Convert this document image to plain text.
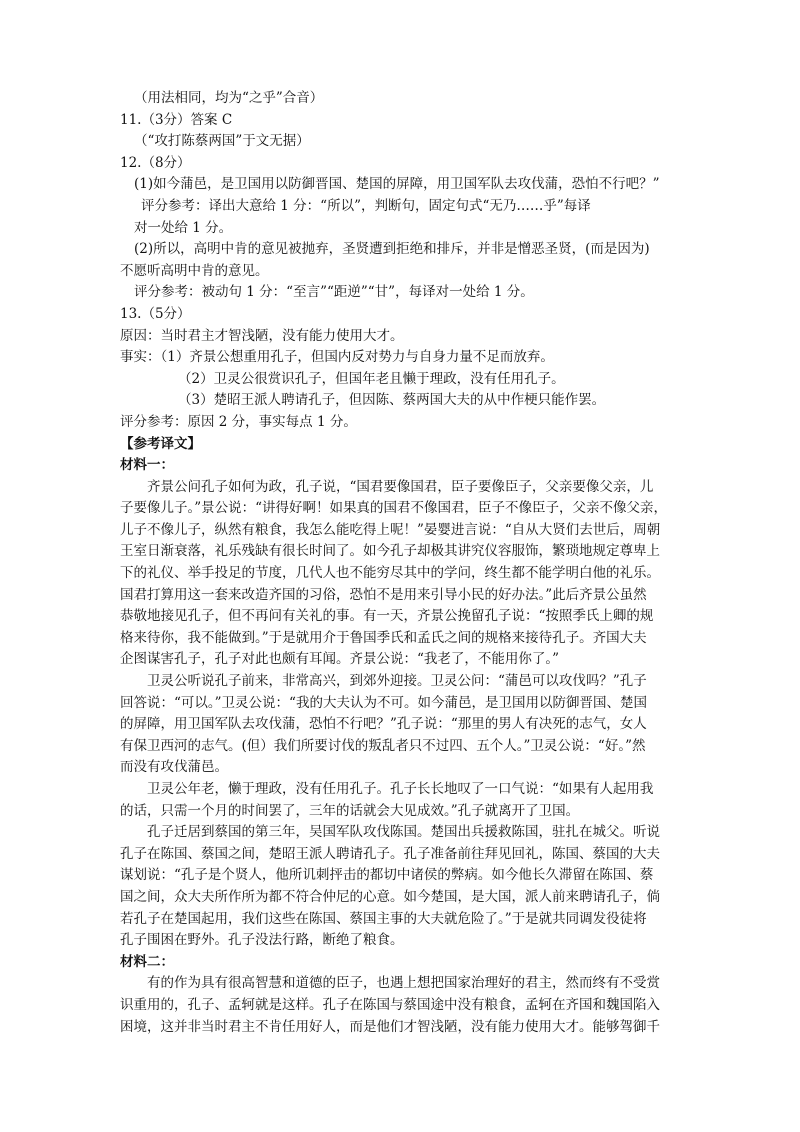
（用法相同，均为“之乎”合音）
11.（3分）答案 C
（“攻打陈蔡两国”于文无据）
12.（8分）
(1)如今蒲邑，是卫国用以防御晋国、楚国的屏障，用卫国军队去攻伐蒲，恐怕不行吧？”
评分参考：译出大意给 1 分：“所以”，判断句，固定句式“无乃……乎”每译
对一处给 1 分。
(2)所以，高明中肯的意见被抛弃，圣贤遭到拒绝和排斥，并非是憎恶圣贤，(而是因为)
不愿听高明中肯的意见。
评分参考：被动句 1 分：“至言”“距逆”“甘”，每译对一处给 1 分。
13.（5分）
原因：当时君主才智浅陋，没有能力使用大才。
事实：（1）齐景公想重用孔子，但国内反对势力与自身力量不足而放弃。
（2）卫灵公很赏识孔子，但国年老且懒于理政，没有任用孔子。
（3）楚昭王派人聘请孔子，但因陈、蔡两国大夫的从中作梗只能作罢。
评分参考：原因 2 分，事实每点 1 分。
【参考译文】
材料一：
齐景公问孔子如何为政，孔子说，“国君要像国君，臣子要像臣子，父亲要像父亲，儿
子要像儿子。”景公说：“讲得好啊！如果真的国君不像国君，臣子不像臣子，父亲不像父亲，
儿子不像儿子，纵然有粮食，我怎么能吃得上呢！”晏婴进言说：“自从大贤们去世后，周朝
王室日渐衰落，礼乐残缺有很长时间了。如今孔子却极其讲究仪容服饰，繁琐地规定尊卑上
下的礼仪、举手投足的节度，几代人也不能穷尽其中的学问，终生都不能学明白他的礼乐。
国君打算用这一套来改造齐国的习俗，恐怕不是用来引导小民的好办法。”此后齐景公虽然
恭敬地接见孔子，但不再问有关礼的事。有一天，齐景公挽留孔子说：“按照季氏上卿的规
格来待你，我不能做到。”于是就用介于鲁国季氏和孟氏之间的规格来接待孔子。齐国大夫
企图谋害孔子，孔子对此也颇有耳闻。齐景公说：“我老了，不能用你了。”
卫灵公听说孔子前来，非常高兴，到郊外迎接。卫灵公问：“蒲邑可以攻伐吗？”孔子
回答说：“可以。”卫灵公说：“我的大夫认为不可。如今蒲邑，是卫国用以防御晋国、楚国
的屏障，用卫国军队去攻伐蒲，恐怕不行吧？”孔子说：“那里的男人有决死的志气，女人
有保卫西河的志气。(但）我们所要讨伐的叛乱者只不过四、五个人。”卫灵公说：“好。”然
而没有攻伐蒲邑。
卫灵公年老，懒于理政，没有任用孔子。孔子长长地叹了一口气说：“如果有人起用我
的话，只需一个月的时间罢了，三年的话就会大见成效。”孔子就离开了卫国。
孔子迁居到蔡国的第三年，吴国军队攻伐陈国。楚国出兵援救陈国，驻扎在城父。听说
孔子在陈国、蔡国之间，楚昭王派人聘请孔子。孔子准备前往拜见回礼，陈国、蔡国的大夫
谋划说：“孔子是个贤人，他所讥刺抨击的都切中诸侯的弊病。如今他长久滞留在陈国、蔡
国之间，众大夫所作所为都不符合仲尼的心意。如今楚国，是大国，派人前来聘请孔子，倘
若孔子在楚国起用，我们这些在陈国、蔡国主事的大夫就危险了。”于是就共同调发役徒将
孔子围困在野外。孔子没法行路，断绝了粮食。
材料二：
有的作为具有很高智慧和道德的臣子，也遇上想把国家治理好的君主，然而终有不受赏
识重用的，孔子、孟轲就是这样。孔子在陈国与蔡国途中没有粮食，孟轲在齐国和魏国陷入
困境，这并非当时君主不肯任用好人，而是他们才智浅陋，没有能力使用大才。能够驾御千
